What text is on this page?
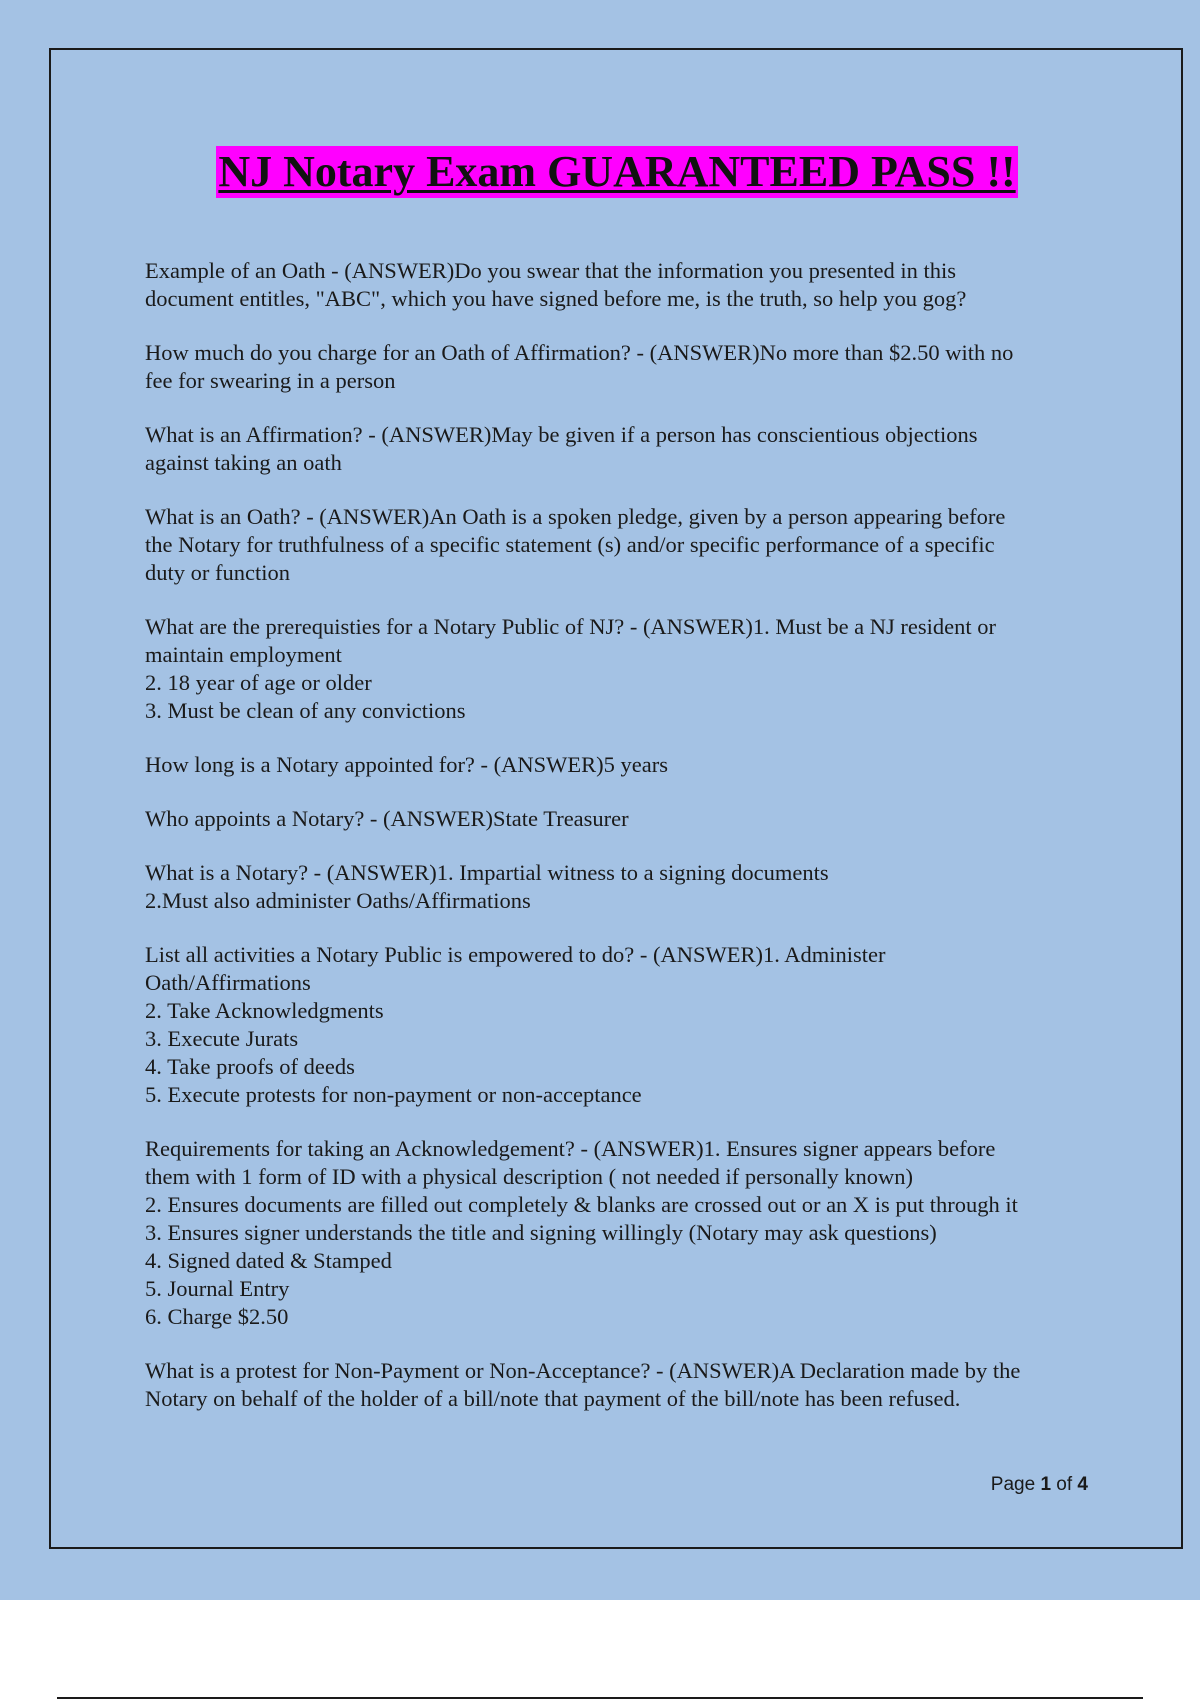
NJ Notary Exam GUARANTEED PASS !!
Example of an Oath - (ANSWER)Do you swear that the information you presented in this
document entitles, "ABC", which you have signed before me, is the truth, so help you gog?
How much do you charge for an Oath of Affirmation? - (ANSWER)No more than $2.50 with no
fee for swearing in a person
What is an Affirmation? - (ANSWER)May be given if a person has conscientious objections
against taking an oath
What is an Oath? - (ANSWER)An Oath is a spoken pledge, given by a person appearing before
the Notary for truthfulness of a specific statement (s) and/or specific performance of a specific
duty or function
What are the prerequisties for a Notary Public of NJ? - (ANSWER)1. Must be a NJ resident or
maintain employment
2. 18 year of age or older
3. Must be clean of any convictions
How long is a Notary appointed for? - (ANSWER)5 years
Who appoints a Notary? - (ANSWER)State Treasurer
What is a Notary? - (ANSWER)1. Impartial witness to a signing documents
2.Must also administer Oaths/Affirmations
List all activities a Notary Public is empowered to do? - (ANSWER)1. Administer
Oath/Affirmations
2. Take Acknowledgments
3. Execute Jurats
4. Take proofs of deeds
5. Execute protests for non-payment or non-acceptance
Requirements for taking an Acknowledgement? - (ANSWER)1. Ensures signer appears before
them with 1 form of ID with a physical description ( not needed if personally known)
2. Ensures documents are filled out completely & blanks are crossed out or an X is put through it
3. Ensures signer understands the title and signing willingly (Notary may ask questions)
4. Signed dated & Stamped
5. Journal Entry
6. Charge $2.50
What is a protest for Non-Payment or Non-Acceptance? - (ANSWER)A Declaration made by the
Notary on behalf of the holder of a bill/note that payment of the bill/note has been refused.
Page 1 of 4
